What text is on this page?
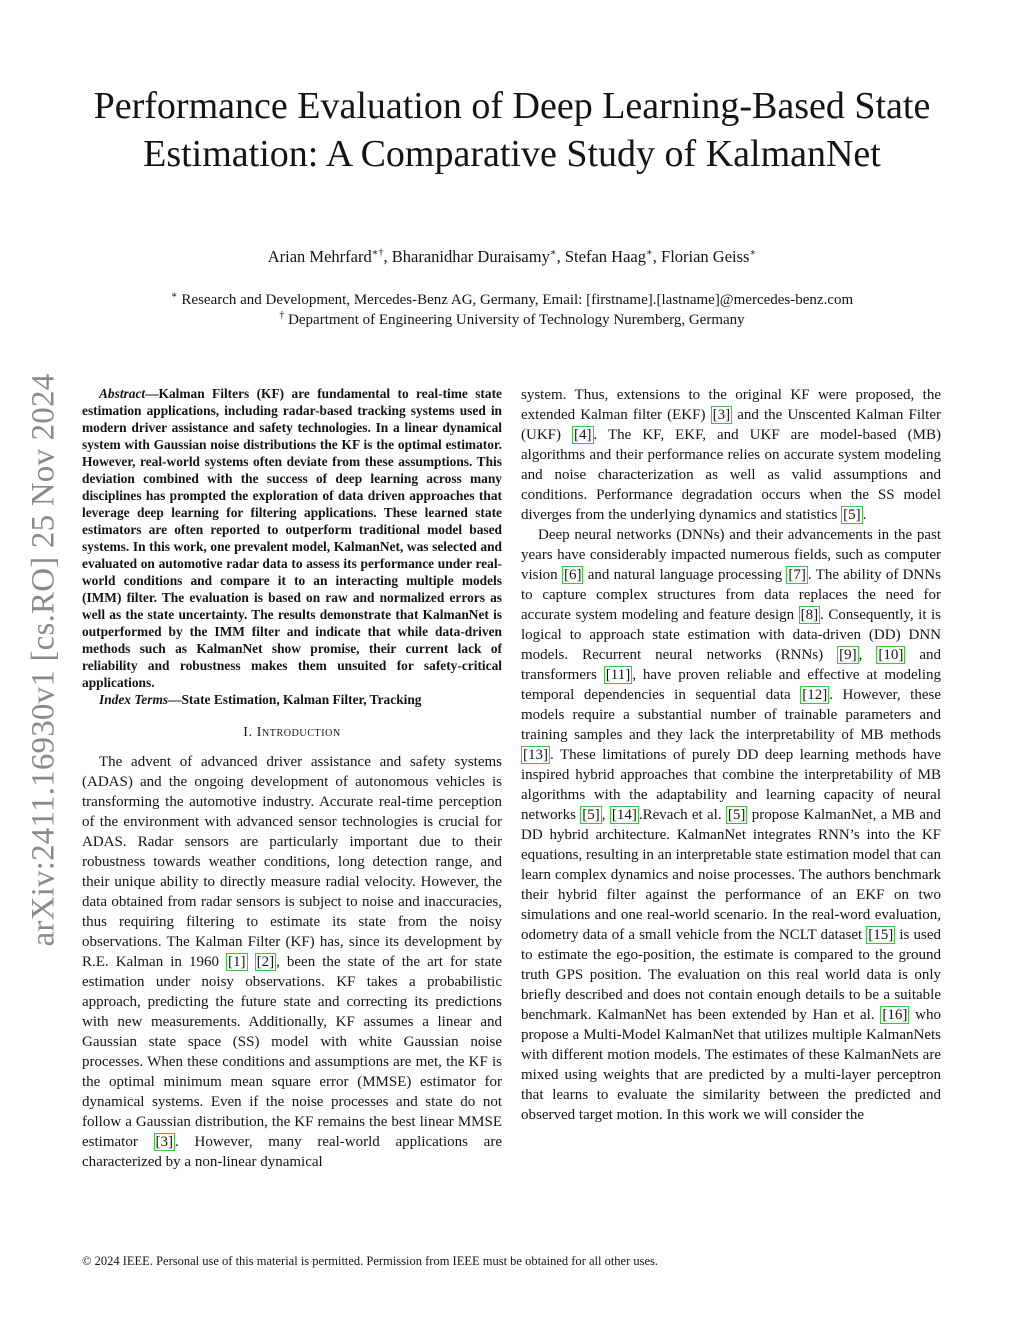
arXiv:2411.16930v1 [cs.RO] 25 Nov 2024
Performance Evaluation of Deep Learning-Based State Estimation: A Comparative Study of KalmanNet
Arian Mehrfard∗†, Bharanidhar Duraisamy∗, Stefan Haag∗, Florian Geiss∗
∗ Research and Development, Mercedes-Benz AG, Germany, Email: [firstname].[lastname]@mercedes-benz.com
† Department of Engineering University of Technology Nuremberg, Germany

Abstract—Kalman Filters (KF) are fundamental to real-time state estimation applications, including radar-based tracking systems used in modern driver assistance and safety technologies. In a linear dynamical system with Gaussian noise distributions the KF is the optimal estimator. However, real-world systems often deviate from these assumptions. This deviation combined with the success of deep learning across many disciplines has prompted the exploration of data driven approaches that leverage deep learning for filtering applications. These learned state estimators are often reported to outperform traditional model based systems. In this work, one prevalent model, KalmanNet, was selected and evaluated on automotive radar data to assess its performance under real-world conditions and compare it to an interacting multiple models (IMM) filter. The evaluation is based on raw and normalized errors as well as the state uncertainty. The results demonstrate that KalmanNet is outperformed by the IMM filter and indicate that while data-driven methods such as KalmanNet show promise, their current lack of reliability and robustness makes them unsuited for safety-critical applications.

Index Terms—State Estimation, Kalman Filter, Tracking

I. Introduction

The advent of advanced driver assistance and safety systems (ADAS) and the ongoing development of autonomous vehicles is transforming the automotive industry. Accurate real-time perception of the environment with advanced sensor technologies is crucial for ADAS. Radar sensors are particularly important due to their robustness towards weather conditions, long detection range, and their unique ability to directly measure radial velocity. However, the data obtained from radar sensors is subject to noise and inaccuracies, thus requiring filtering to estimate its state from the noisy observations. The Kalman Filter (KF) has, since its development by R.E. Kalman in 1960 [1] [2] , been the state of the art for state estimation under noisy observations. KF takes a probabilistic approach, predicting the future state and correcting its predictions with new measurements. Additionally, KF assumes a linear and Gaussian state space (SS) model with white Gaussian noise processes. When these conditions and assumptions are met, the KF is the optimal minimum mean square error (MMSE) estimator for dynamical systems. Even if the noise processes and state do not follow a Gaussian distribution, the KF remains the best linear MMSE estimator [3] . However, many real-world applications are characterized by a non-linear dynamical

system. Thus, extensions to the original KF were proposed, the extended Kalman filter (EKF) [3] and the Unscented Kalman Filter (UKF) [4] . The KF, EKF, and UKF are model-based (MB) algorithms and their performance relies on accurate system modeling and noise characterization as well as valid assumptions and conditions. Performance degradation occurs when the SS model diverges from the underlying dynamics and statistics [5] .

Deep neural networks (DNNs) and their advancements in the past years have considerably impacted numerous fields, such as computer vision [6] and natural language processing [7] . The ability of DNNs to capture complex structures from data replaces the need for accurate system modeling and feature design [8] . Consequently, it is logical to approach state estimation with data-driven (DD) DNN models. Recurrent neural networks (RNNs) [9] , [10] and transformers [11] , have proven reliable and effective at modeling temporal dependencies in sequential data [12] . However, these models require a substantial number of trainable parameters and training samples and they lack the interpretability of MB methods [13] . These limitations of purely DD deep learning methods have inspired hybrid approaches that combine the interpretability of MB algorithms with the adaptability and learning capacity of neural networks [5] , [14] .Revach et al. [5] propose KalmanNet, a MB and DD hybrid architecture. KalmanNet integrates RNN’s into the KF equations, resulting in an interpretable state estimation model that can learn complex dynamics and noise processes. The authors benchmark their hybrid filter against the performance of an EKF on two simulations and one real-world scenario. In the real-word evaluation, odometry data of a small vehicle from the NCLT dataset [15] is used to estimate the ego-position, the estimate is compared to the ground truth GPS position. The evaluation on this real world data is only briefly described and does not contain enough details to be a suitable benchmark. KalmanNet has been extended by Han et al. [16] who propose a Multi-Model KalmanNet that utilizes multiple KalmanNets with different motion models. The estimates of these KalmanNets are mixed using weights that are predicted by a multi-layer perceptron that learns to evaluate the similarity between the predicted and observed target motion. In this work we will consider the

© 2024 IEEE. Personal use of this material is permitted. Permission from IEEE must be obtained for all other uses.
